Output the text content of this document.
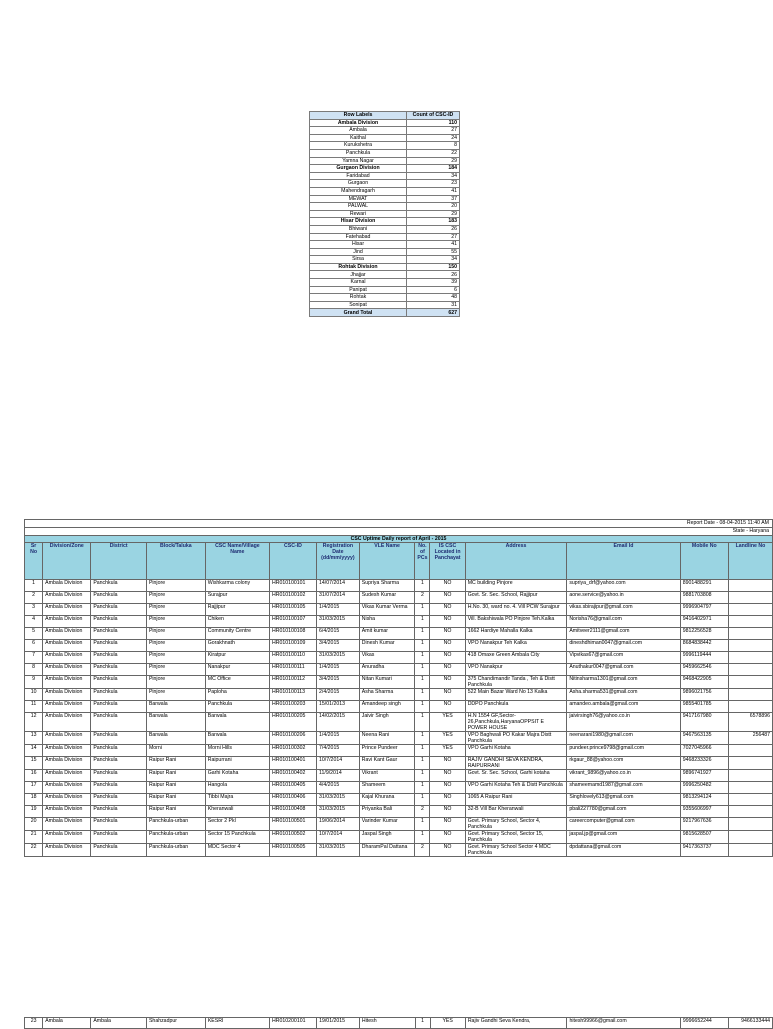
Row Labels	Count of CSC-ID
Ambala Division	110
Ambala	27
Kaithal	24
Kurukshetra	8
Panchkula	22
Yamna Nagar	29
Gurgaon Division	184
Faridabad	34
Gurgaon	23
Mahendragarh	41
MEWAT	37
PALWAL	20
Rewari	29
Hisar Division	183
Bhiwani	26
Fatehabad	27
Hisar	41
Jind	55
Sirsa	34
Rohtak Division	150
Jhajjar	26
Karnal	39
Panipat	6
Rohtak	48
Sonipat	31
Grand Total	627
Report Date - 08-04-2015 11:40 AM
State - Haryana
CSC Uptime Daily report of April - 2015													
Sr No	Division/Zone	District	Block/Taluka	CSC Name/Village Name	CSC-ID	Registration Date (dd/mm/yyyy)	VLE Name	No. of PCs	IS CSC Located in Panchayat	Address	Email Id	Mobile No	Landline No
1	Ambala Division	Panchkula	Pinjore	Wishkarma colony	HR010100101	14/07/2014	Supriya Sharma	1	NO	MC building Pinjore	supriya_drf@yahoo.com	8901488291	
2	Ambala Division	Panchkula	Pinjore	Surajpur	HR010100102	31/07/2014	Sudesh Kumar	2	NO	Govt. Sr. Sec. School, Rajjipur	aone.service@yahoo.in	9881703808	
3	Ambala Division	Panchkula	Pinjore	Rajjipur	HR010100105	1/4/2015	Vikas Kumar Verma	1	NO	H.No. 30, ward no. 4. Vill PCW Surajpur	vikas.sbirajipur@gmail.com	9996904797	
4	Ambala Division	Panchkula	Pinjore	Chiken	HR010100107	31/03/2015	Nisha	1	NO	Vill. Bakshiwala PO Pinjore Teh.Kalka	Norisha76@gmail.com	9416402971	
5	Ambala Division	Panchkula	Pinjore	Community Centre	HR010100108	6/4/2015	Amit kumar	1	NO	1662 Hardiye Mahalla Kalka	Amitveer2111@gmail.com	9812256528	
6	Ambala Division	Panchkula	Pinjore	Gorakhnath	HR010100109	3/4/2015	Dinesh Kumar	1	NO	VPO Nanakpur Teh Kalka	dineshdhiman0047@gmail.com	8684838442	
7	Ambala Division	Panchkula	Pinjore	Kiratpur	HR010100110	31/03/2015	Vikas	1	NO	418 Omaxe Green Ambala City	Vipvikas67@gmail.com	9996119444	
8	Ambala Division	Panchkula	Pinjore	Nanakpur	HR010100111	1/4/2015	Anuradha	1	NO	VPO Nanakpur	Anuthakur0047@gmail.com	9459662546	
9	Ambala Division	Panchkula	Pinjore	MC Office	HR010100112	3/4/2015	Nitan Kumari	1	NO	375 Chandimandir Tanda , Teh & Distt Panchkula	Nitinsharma1301@gmail.com	9468422905	
10	Ambala Division	Panchkula	Pinjore	Paploha	HR010100113	2/4/2015	Asha Sharma	1	NO	522 Main Bazar Ward No 13 Kalka	Asha.sharma531@gmail.com	9896021756	
11	Ambala Division	Panchkula	Barwala	Panchkula	HR010100203	15/01/2013	Amandeep singh	1	NO	DDPO Panchkula	amandeo.ambala@gmail.com	9855401785	
12	Ambala Division	Panchkula	Barwala	Barwala	HR010100205	14/02/2015	Jaivir Singh	1	YES	H.N 1554 GF,Sector-26,Panchkula,HaryanaOPPSIT E POWER HOUSE	jaivirsingh76@yahoo.co.in	9417167980	6578896
13	Ambala Division	Panchkula	Barwala	Barwala	HR010100206	1/4/2015	Neena Rani	1	YES	VPO Baghwali PO Kakar Majra Distt Panchkula	neenarani1980@gmail.com	9467563135	256487
14	Ambala Division	Panchkula	Morni	Morni Hills	HR010100302	7/4/2015	Prince Pundeer	1	YES	VPO Garhi Kotaha	pundeer.prince9798@gmail.com	7027045966	
15	Ambala Division	Panchkula	Raipur Rani	Raipurrani	HR010100401	10/7/2014	Ravi Kant Gaur	1	NO	RAJIV GANDHI SEVA KENDRA, RAIPURRANI	rkgaur_88@yahoo.com	9468233326	
16	Ambala Division	Panchkula	Raipur Rani	Garhi Kotaha	HR010100402	11/9/2014	Vikrant	1	NO	Govt. Sr. Sec. School, Garhi kotaha	vikrant_9896@yahoo.co.in	9896741927	
17	Ambala Division	Panchkula	Raipur Rani	Hangola	HR010100405	4/4/2015	Shameem	1	NO	VPO Garhi Kotaha Teh & Distt Panchkula	shameemamd1987@gmail.com	9996250482	
18	Ambala Division	Panchkula	Raipur Rani	Tibbi Majra	HR010100406	31/03/2015	Kajal Khurana	1	NO	1065 A Raipur Rani	Singhlovely613@gmail.com	9813294124	
19	Ambala Division	Panchkula	Raipur Rani	Kheranwali	HR010100408	31/03/2015	Priyanka Bali	2	NO	32-B Vill Bar Kheranwali	pbali227780@gmail.com	9355606997	
20	Ambala Division	Panchkula	Panchkula-urban	Sector 2 Pkl	HR010100501	19/06/2014	Varinder Kumar	1	NO	Govt. Primary School, Sector 4, Panchkula	careercomputer@gmail.com	9217967636	
21	Ambala Division	Panchkula	Panchkula-urban	Sector 15 Panchkula	HR010100502	10/7/2014	Jaspal Singh	1	NO	Govt. Primary School, Sector 15, Panchkula	jaspal.jp@gmail.com	9815628507	
22	Ambala Division	Panchkula	Panchkula-urban	MDC Sector 4	HR010100505	31/03/2015	DharamPal Dattana	2	NO	Govt. Primary School Sector 4 MDC Panchkula	dpdattana@gmail.com	9417363737	
23	Ambala	Ambala	Shahzadpur	KESRI	HR010200101	19/01/2015	Hitesh	1	YES	Rajiv Gandhi Seva Kendra,	hitesh99966@gmail.com	9996652244	9466133444
